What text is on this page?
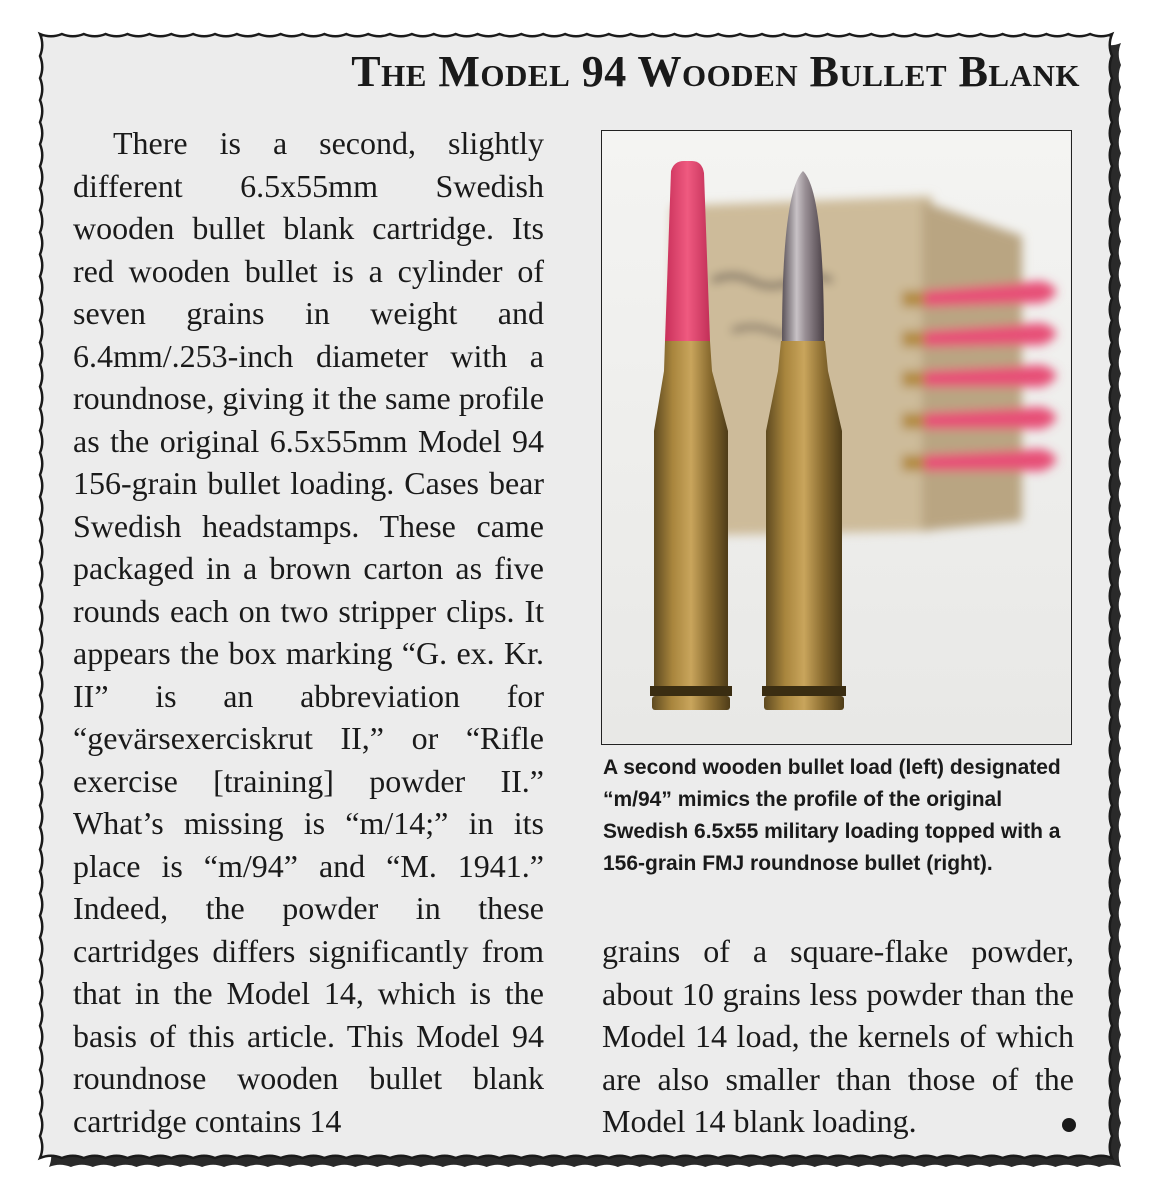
The Model 94 Wooden Bullet Blank

There is a second, slightly different 6.5x55mm Swedish wooden bullet blank cartridge. Its red wooden bullet is a cylinder of seven grains in weight and 6.4mm/.253-inch diameter with a roundnose, giving it the same profile as the original 6.5x55mm Model 94 156-grain bullet loading. Cases bear Swedish headstamps. These came packaged in a brown carton as five rounds each on two stripper clips. It appears the box marking “G. ex. Kr. II” is an abbreviation for “gevärsexerciskrut II,” or “Rifle exercise [training] powder II.” What’s missing is “m/14;” in its place is “m/94” and “M. 1941.” Indeed, the powder in these cartridges differs significantly from that in the Model 14, which is the basis of this article. This Model 94 roundnose wooden bullet blank cartridge contains 14

A second wooden bullet load (left) designated “m/94” mimics the profile of the original Swedish 6.5x55 military loading topped with a 156-grain FMJ roundnose bullet (right).

grains of a square-flake powder, about 10 grains less powder than the Model 14 load, the kernels of which are also smaller than those of the Model 14 blank loading.
